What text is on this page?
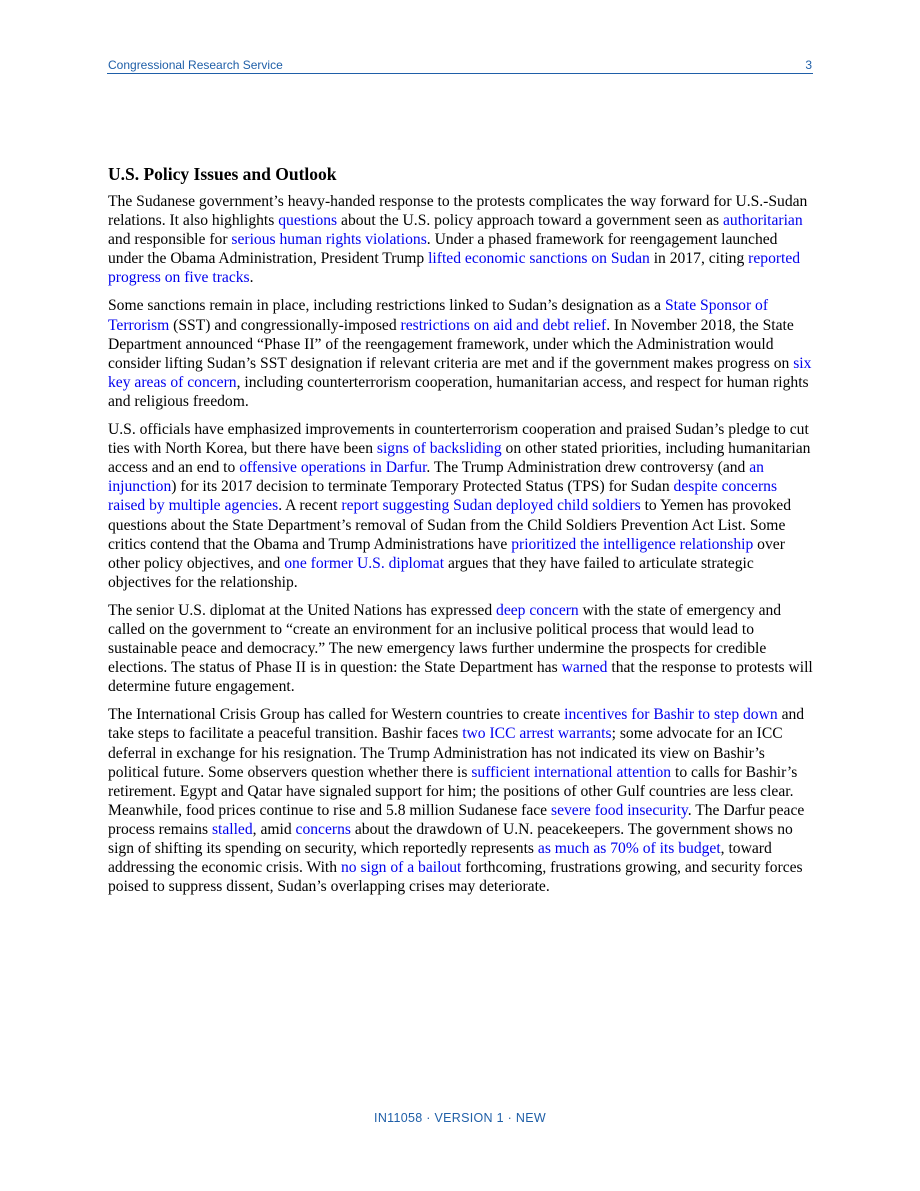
Congressional Research Service	3
U.S. Policy Issues and Outlook

The Sudanese government’s heavy-handed response to the protests complicates the way forward for U.S.-Sudan relations. It also highlights questions about the U.S. policy approach toward a government seen as authoritarian and responsible for serious human rights violations. Under a phased framework for reengagement launched under the Obama Administration, President Trump lifted economic sanctions on Sudan in 2017, citing reported progress on five tracks.

Some sanctions remain in place, including restrictions linked to Sudan’s designation as a State Sponsor of Terrorism (SST) and congressionally-imposed restrictions on aid and debt relief. In November 2018, the State Department announced “Phase II” of the reengagement framework, under which the Administration would consider lifting Sudan’s SST designation if relevant criteria are met and if the government makes progress on six key areas of concern, including counterterrorism cooperation, humanitarian access, and respect for human rights and religious freedom.

U.S. officials have emphasized improvements in counterterrorism cooperation and praised Sudan’s pledge to cut ties with North Korea, but there have been signs of backsliding on other stated priorities, including humanitarian access and an end to offensive operations in Darfur. The Trump Administration drew controversy (and an injunction) for its 2017 decision to terminate Temporary Protected Status (TPS) for Sudan despite concerns raised by multiple agencies. A recent report suggesting Sudan deployed child soldiers to Yemen has provoked questions about the State Department’s removal of Sudan from the Child Soldiers Prevention Act List. Some critics contend that the Obama and Trump Administrations have prioritized the intelligence relationship over other policy objectives, and one former U.S. diplomat argues that they have failed to articulate strategic objectives for the relationship.

The senior U.S. diplomat at the United Nations has expressed deep concern with the state of emergency and called on the government to “create an environment for an inclusive political process that would lead to sustainable peace and democracy.” The new emergency laws further undermine the prospects for credible elections. The status of Phase II is in question: the State Department has warned that the response to protests will determine future engagement.

The International Crisis Group has called for Western countries to create incentives for Bashir to step down and take steps to facilitate a peaceful transition. Bashir faces two ICC arrest warrants; some advocate for an ICC deferral in exchange for his resignation. The Trump Administration has not indicated its view on Bashir’s political future. Some observers question whether there is sufficient international attention to calls for Bashir’s retirement. Egypt and Qatar have signaled support for him; the positions of other Gulf countries are less clear. Meanwhile, food prices continue to rise and 5.8 million Sudanese face severe food insecurity. The Darfur peace process remains stalled, amid concerns about the drawdown of U.N. peacekeepers. The government shows no sign of shifting its spending on security, which reportedly represents as much as 70% of its budget, toward addressing the economic crisis. With no sign of a bailout forthcoming, frustrations growing, and security forces poised to suppress dissent, Sudan’s overlapping crises may deteriorate.

IN11058 · VERSION 1 · NEW
